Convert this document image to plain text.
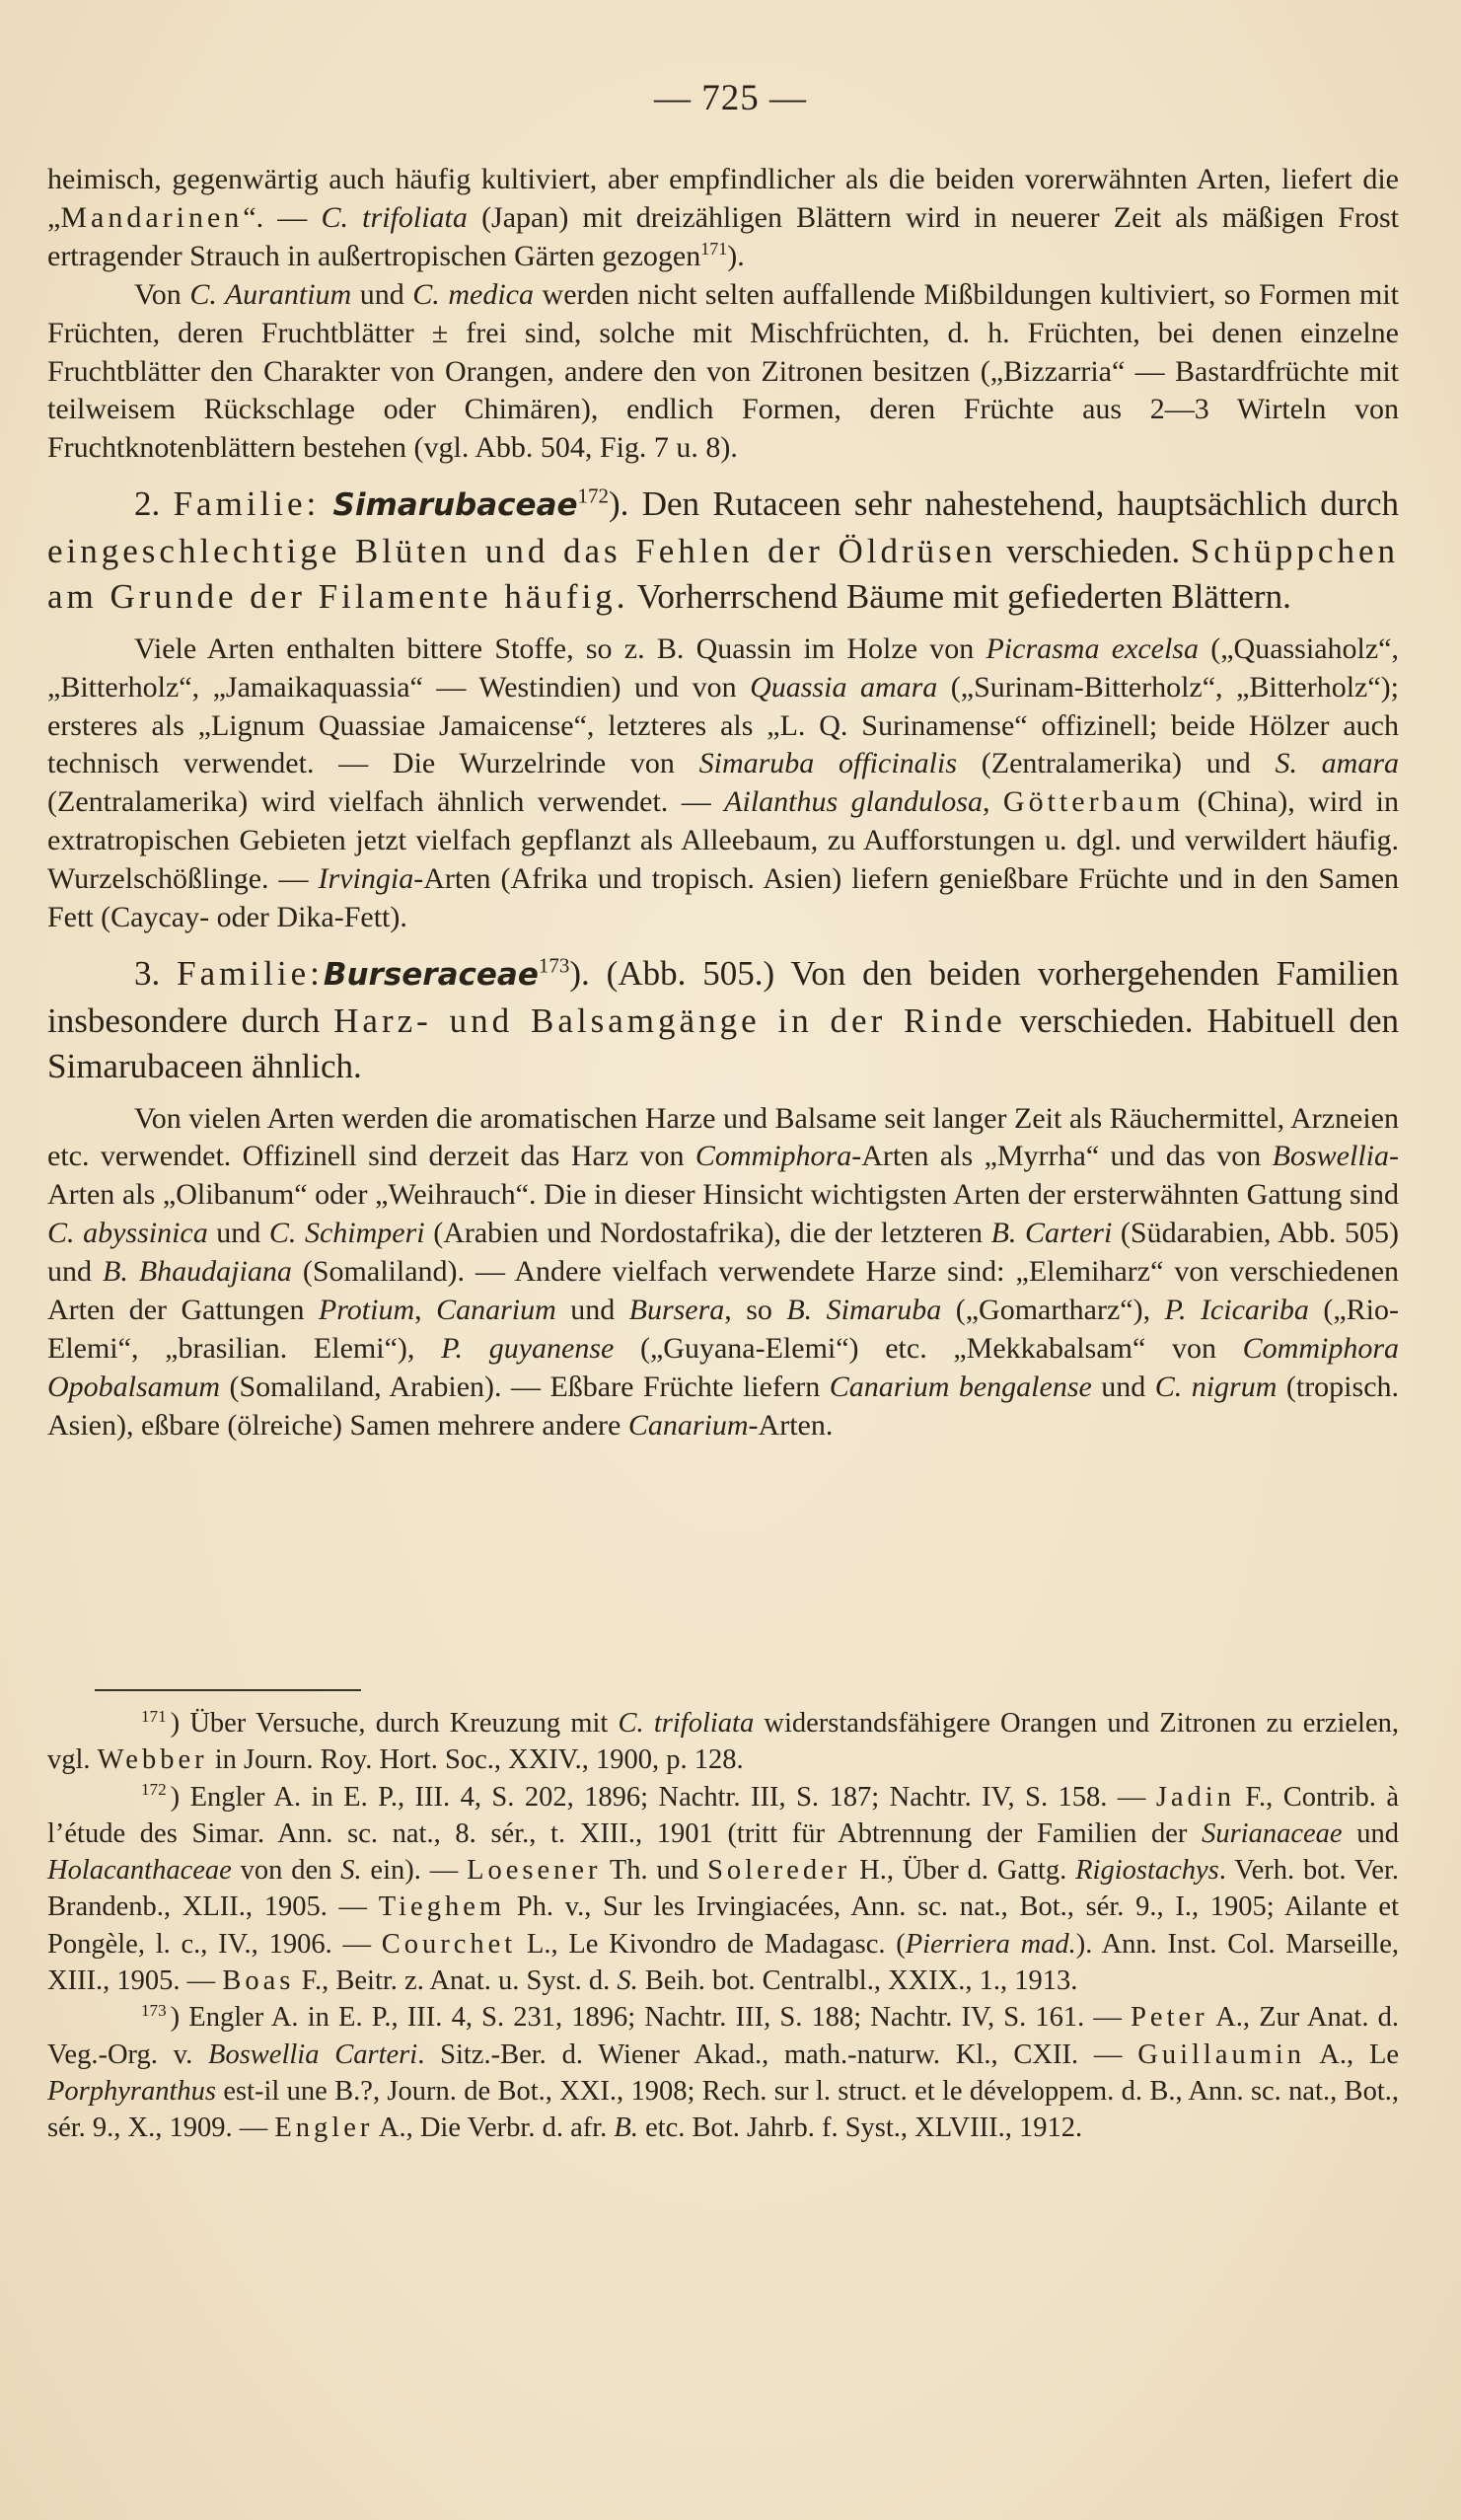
— 725 —

heimisch, gegenwärtig auch häufig kultiviert, aber empfindlicher als die beiden vorerwähnten Arten, liefert die „Mandarinen“. — C. trifoliata (Japan) mit dreizähligen Blättern wird in neuerer Zeit als mäßigen Frost ertragender Strauch in außertropischen Gärten gezogen$^{171}$).

Von C. Aurantium und C. medica werden nicht selten auffallende Mißbildungen kultiviert, so Formen mit Früchten, deren Fruchtblätter ± frei sind, solche mit Mischfrüchten, d. h. Früchten, bei denen einzelne Fruchtblätter den Charakter von Orangen, andere den von Zitronen besitzen („Bizzarria“ — Bastardfrüchte mit teilweisem Rückschlage oder Chimären), endlich Formen, deren Früchte aus 2—3 Wirteln von Fruchtknotenblättern bestehen (vgl. Abb. 504, Fig. 7 u. 8).

2. Familie: Simarubaceae$^{172}$). Den Rutaceen sehr nahestehend, hauptsächlich durch eingeschlechtige Blüten und das Fehlen der Öldrüsen verschieden. Schüppchen am Grunde der Filamente häufig. Vorherrschend Bäume mit gefiederten Blättern.

Viele Arten enthalten bittere Stoffe, so z. B. Quassin im Holze von Picrasma excelsa („Quassiaholz“, „Bitterholz“, „Jamaikaquassia“ — Westindien) und von Quassia amara („Surinam-Bitterholz“, „Bitterholz“); ersteres als „Lignum Quassiae Jamaicense“, letzteres als „L. Q. Surinamense“ offizinell; beide Hölzer auch technisch verwendet. — Die Wurzelrinde von Simaruba officinalis (Zentralamerika) und S. amara (Zentralamerika) wird vielfach ähnlich verwendet. — Ailanthus glandulosa, Götterbaum (China), wird in extratropischen Gebieten jetzt vielfach gepflanzt als Alleebaum, zu Aufforstungen u. dgl. und verwildert häufig. Wurzelschößlinge. — Irvingia-Arten (Afrika und tropisch. Asien) liefern genießbare Früchte und in den Samen Fett (Caycay- oder Dika-Fett).

3. Familie:Burseraceae$^{173}$). (Abb. 505.) Von den beiden vorhergehenden Familien insbesondere durch Harz- und Balsamgänge in der Rinde verschieden. Habituell den Simarubaceen ähnlich.

Von vielen Arten werden die aromatischen Harze und Balsame seit langer Zeit als Räuchermittel, Arzneien etc. verwendet. Offizinell sind derzeit das Harz von Commiphora-Arten als „Myrrha“ und das von Boswellia-Arten als „Olibanum“ oder „Weihrauch“. Die in dieser Hinsicht wichtigsten Arten der ersterwähnten Gattung sind C. abyssinica und C. Schimperi (Arabien und Nordostafrika), die der letzteren B. Carteri (Südarabien, Abb. 505) und B. Bhaudajiana (Somaliland). — Andere vielfach verwendete Harze sind: „Elemiharz“ von verschiedenen Arten der Gattungen Protium, Canarium und Bursera, so B. Simaruba („Gomartharz“), P. Icicariba („Rio-Elemi“, „brasilian. Elemi“), P. guyanense („Guyana-Elemi“) etc. „Mekkabalsam“ von Commiphora Opobalsamum (Somaliland, Arabien). — Eßbare Früchte liefern Canarium bengalense und C. nigrum (tropisch. Asien), eßbare (ölreiche) Samen mehrere andere Canarium-Arten.

$^{171}$ ) Über Versuche, durch Kreuzung mit C. trifoliata widerstandsfähigere Orangen und Zitronen zu erzielen, vgl. Webber in Journ. Roy. Hort. Soc., XXIV., 1900, p. 128.

$^{172}$ ) Engler A. in E. P., III. 4, S. 202, 1896; Nachtr. III, S. 187; Nachtr. IV, S. 158. — Jadin F., Contrib. à l’étude des Simar. Ann. sc. nat., 8. sér., t. XIII., 1901 (tritt für Abtrennung der Familien der Surianaceae und Holacanthaceae von den S. ein). — Loesener Th. und Solereder H., Über d. Gattg. Rigiostachys. Verh. bot. Ver. Brandenb., XLII., 1905. — Tieghem Ph. v., Sur les Irvingiacées, Ann. sc. nat., Bot., sér. 9., I., 1905; Ailante et Pongèle, l. c., IV., 1906. — Courchet L., Le Kivondro de Madagasc. (Pierriera mad.). Ann. Inst. Col. Marseille, XIII., 1905. — Boas F., Beitr. z. Anat. u. Syst. d. S. Beih. bot. Centralbl., XXIX., 1., 1913.

$^{173}$ ) Engler A. in E. P., III. 4, S. 231, 1896; Nachtr. III, S. 188; Nachtr. IV, S. 161. — Peter A., Zur Anat. d. Veg.-Org. v. Boswellia Carteri. Sitz.-Ber. d. Wiener Akad., math.-naturw. Kl., CXII. — Guillaumin A., Le Porphyranthus est-il une B.?, Journ. de Bot., XXI., 1908; Rech. sur l. struct. et le développem. d. B., Ann. sc. nat., Bot., sér. 9., X., 1909. — Engler A., Die Verbr. d. afr. B. etc. Bot. Jahrb. f. Syst., XLVIII., 1912.
